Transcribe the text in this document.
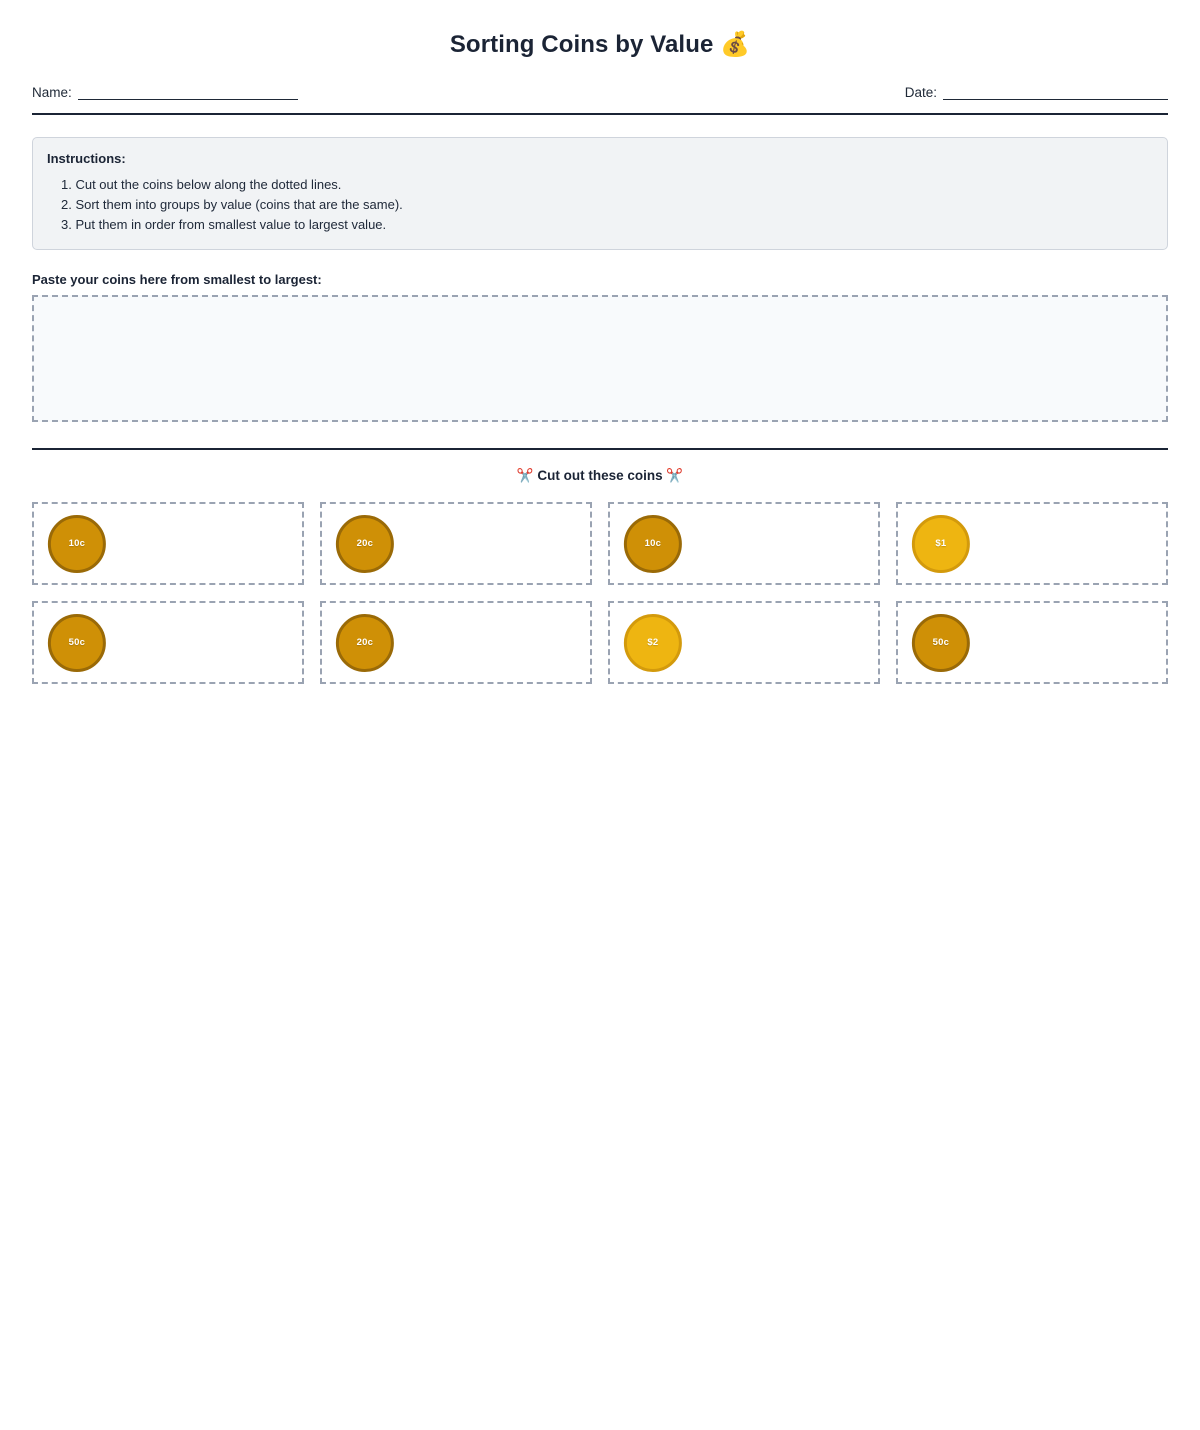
Sorting Coins by Value 💰
Name:	Date:
Instructions:
1. Cut out the coins below along the dotted lines.
2. Sort them into groups by value (coins that are the same).
3. Put them in order from smallest value to largest value.
Paste your coins here from smallest to largest:
✂️ Cut out these coins ✂️
10c	20c	10c	$1
50c	20c	$2	50c
